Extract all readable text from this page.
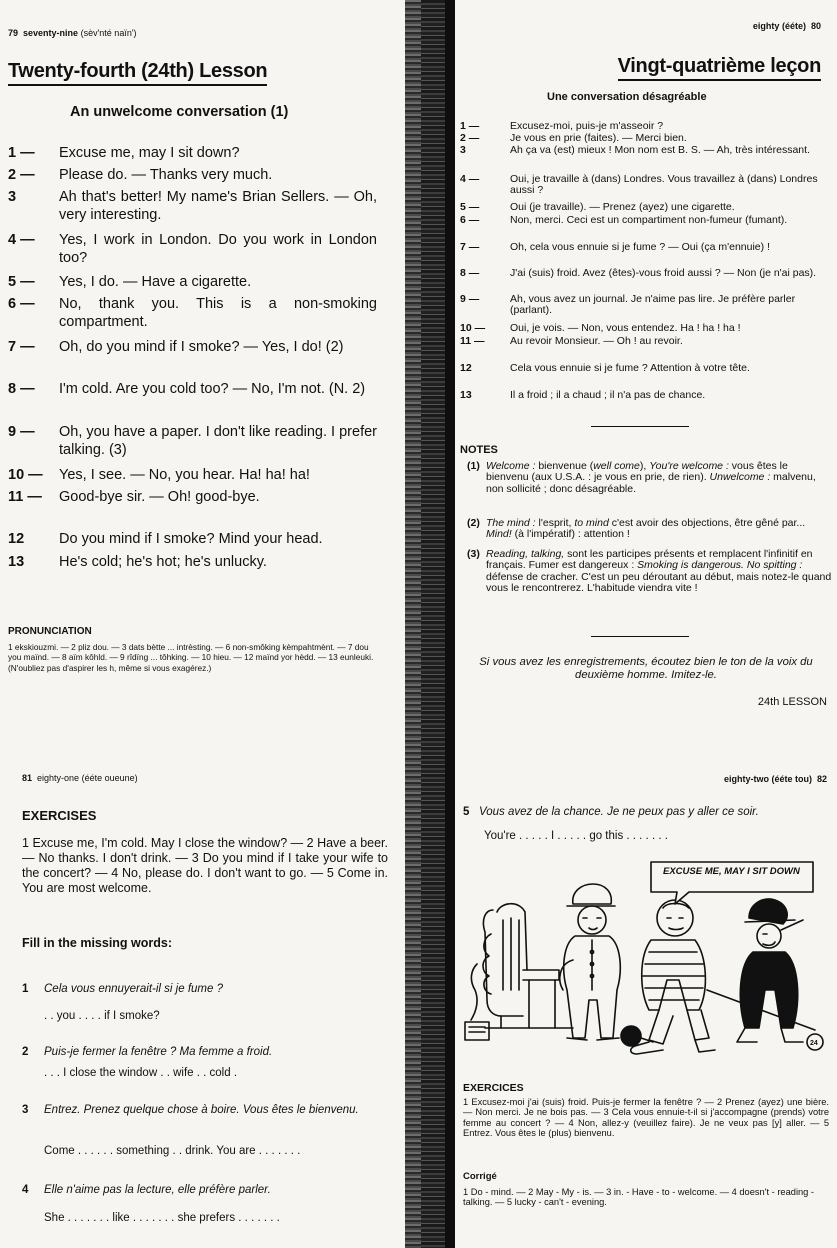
79 seventy-nine (sèv'nté naïn')
Twenty-fourth (24th) Lesson
An unwelcome conversation (1)
1 —	Excuse me, may I sit down?
2 —	Please do. — Thanks very much.
3	Ah that's better! My name's Brian Sellers. — Oh, very interesting.
4 —	Yes, I work in London. Do you work in London too?
5 —	Yes, I do. — Have a cigarette.
6 —	No, thank you. This is a non-smoking compartment.
7 —	Oh, do you mind if I smoke? — Yes, I do! (2)
8 —	I'm cold. Are you cold too? — No, I'm not. (N. 2)
9 —	Oh, you have a paper. I don't like reading. I prefer talking. (3)
10 —	Yes, I see. — No, you hear. Ha! ha! ha!
11 —	Good-bye sir. — Oh! good-bye.
12	Do you mind if I smoke? Mind your head.
13	He's cold; he's hot; he's unlucky.
PRONUNCIATION
1 ekskiouzmi. — 2 pliz dou. — 3 dats bètte ... intrèsting. — 6 non-smôking kèmpahtmènt. — 7 dou you maïnd. — 8 aïm kôhld. — 9 rîdïng ... tôhking. — 10 hieu. — 12 maïnd yor hèdd. — 13 eunleuki. (N'oubliez pas d'aspirer les h, même si vous exagérez.)
eighty (ééte) 80
Vingt-quatrième leçon
Une conversation désagréable
1 —	Excusez-moi, puis-je m'asseoir ?
2 —	Je vous en prie (faites). — Merci bien.
3	Ah ça va (est) mieux ! Mon nom est B. S. — Ah, très intéressant.
4 —	Oui, je travaille à (dans) Londres. Vous travaillez à (dans) Londres aussi ?
5 —	Oui (je travaille). — Prenez (ayez) une cigarette.
6 —	Non, merci. Ceci est un compartiment non-fumeur (fumant).
7 —	Oh, cela vous ennuie si je fume ? — Oui (ça m'ennuie) !
8 —	J'ai (suis) froid. Avez (êtes)-vous froid aussi ? — Non (je n'ai pas).
9 —	Ah, vous avez un journal. Je n'aime pas lire. Je préfère parler (parlant).
10 —	Oui, je vois. — Non, vous entendez. Ha ! ha ! ha !
11 —	Au revoir Monsieur. — Oh ! au revoir.
12	Cela vous ennuie si je fume ? Attention à votre tête.
13	Il a froid ; il a chaud ; il n'a pas de chance.
NOTES
(1) Welcome : bienvenue (well come), You're welcome : vous êtes le bienvenu (aux U.S.A. : je vous en prie, de rien). Unwelcome : malvenu, non sollicité ; donc désagréable.
(2) The mind : l'esprit, to mind c'est avoir des objections, être gêné par... Mind! (à l'impératif) : attention !
(3) Reading, talking, sont les participes présents et remplacent l'infinitif en français. Fumer est dangereux : Smoking is dangerous. No spitting : défense de cracher. C'est un peu déroutant au début, mais notez-le quand vous le rencontrerez. L'habitude viendra vite !
Si vous avez les enregistrements, écoutez bien le ton de la voix du deuxième homme. Imitez-le.
24th LESSON
81 eighty-one (ééte oueune)
EXERCISES
1 Excuse me, I'm cold. May I close the window? — 2 Have a beer. — No thanks. I don't drink. — 3 Do you mind if I take your wife to the concert? — 4 No, please do. I don't want to go. — 5 Come in. You are most welcome.
Fill in the missing words:
1 Cela vous ennuyerait-il si je fume ?
. . you . . . . if I smoke?
2 Puis-je fermer la fenêtre ? Ma femme a froid.
. . . I close the window . . wife . . cold .
3 Entrez. Prenez quelque chose à boire. Vous êtes le bienvenu.
Come . . . . . . something . . drink. You are . . . . . . .
4 Elle n'aime pas la lecture, elle préfère parler.
She . . . . . . . like . . . . . . . she prefers . . . . . . .
eighty-two (ééte tou) 82
5 Vous avez de la chance. Je ne peux pas y aller ce soir.
You're . . . . . I . . . . . go this . . . . . . .
EXCUSE ME, MAY I SIT DOWN
24
EXERCICES
1 Excusez-moi j'ai (suis) froid. Puis-je fermer la fenêtre ? — 2 Prenez (ayez) une bière. — Non merci. Je ne bois pas. — 3 Cela vous ennuie-t-il si j'accompagne (prends) votre femme au concert ? — 4 Non, allez-y (veuillez faire). Je ne veux pas [y] aller. — 5 Entrez. Vous êtes le (plus) bienvenu.
Corrigé
1 Do - mind. — 2 May - My - is. — 3 in. - Have - to - welcome. — 4 doesn't - reading - talking. — 5 lucky - can't - evening.
